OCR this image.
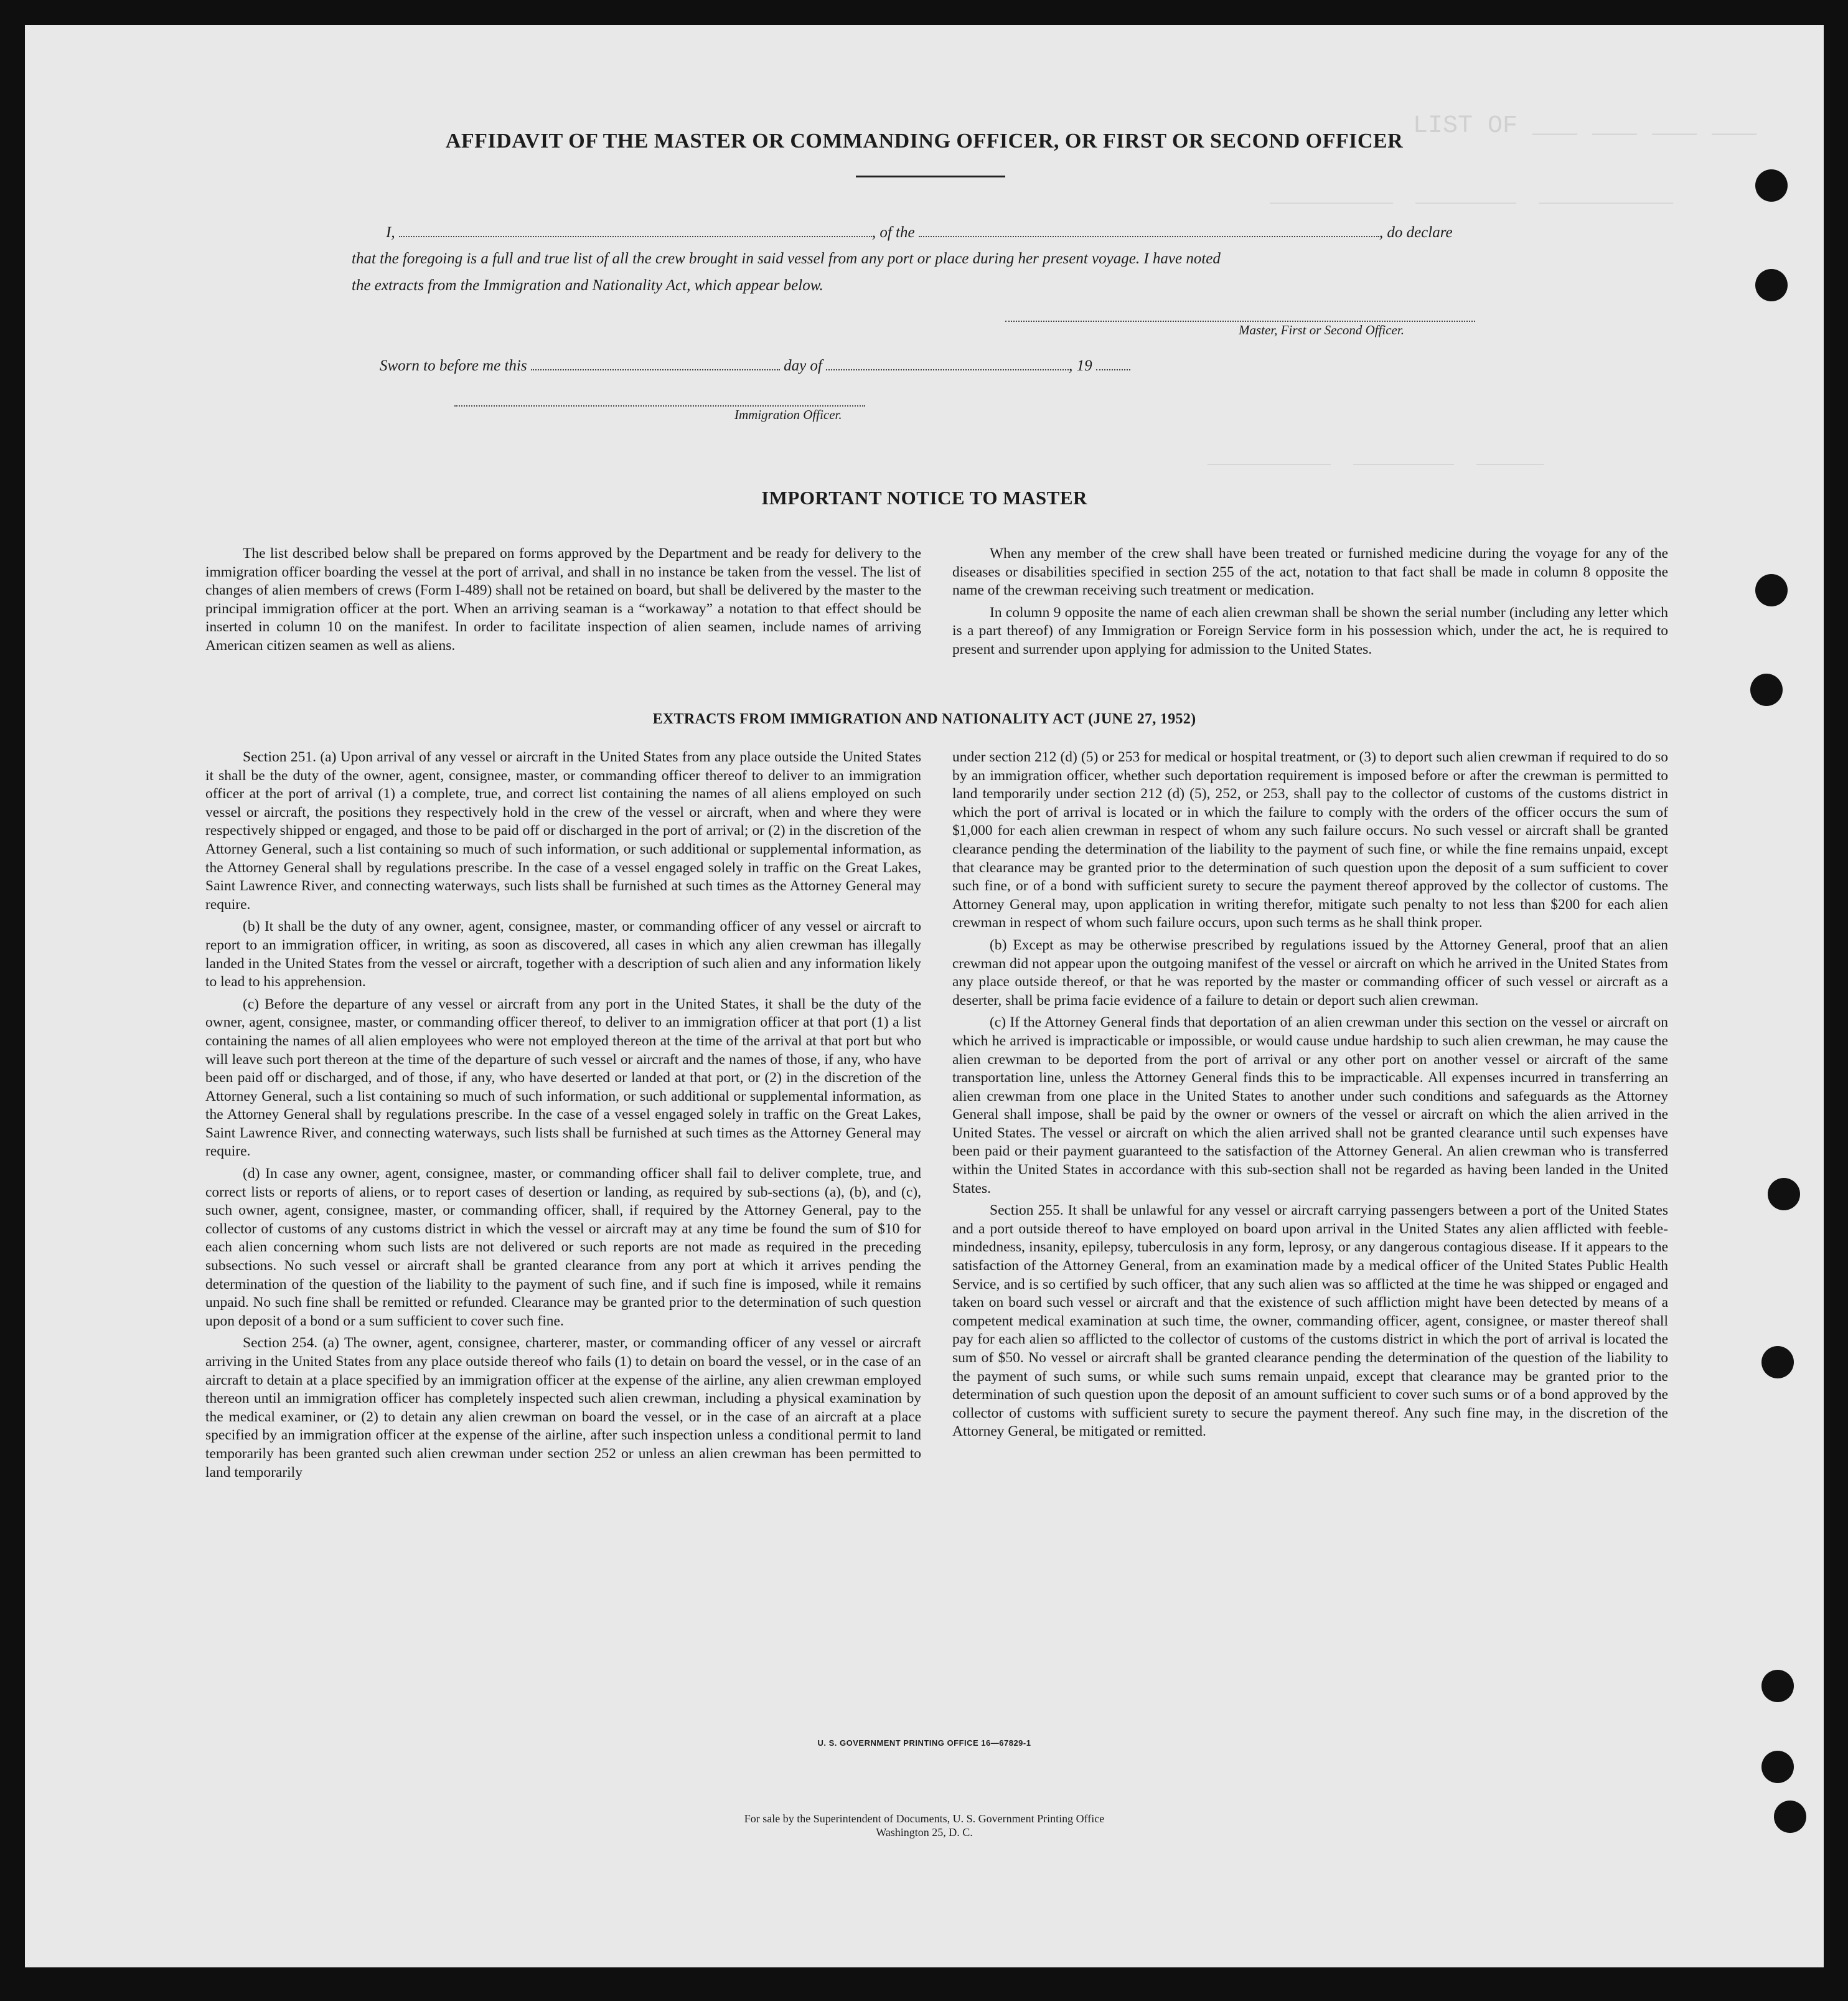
LIST OF ___ ___ ___ ___
___________  _________  ____________
___________  _________  ______
AFFIDAVIT OF THE MASTER OR COMMANDING OFFICER, OR FIRST OR SECOND OFFICER
I,	, of the	, do declare
that the foregoing is a full and true list of all the crew brought in said vessel from any port or place during her present voyage. I have noted
the extracts from the Immigration and Nationality Act, which appear below.
Master, First or Second Officer.
Sworn to before me this	day of	, 19
Immigration Officer.
IMPORTANT NOTICE TO MASTER

The list described below shall be prepared on forms approved by the Department and be ready for delivery to the immigration officer boarding the vessel at the port of arrival, and shall in no instance be taken from the vessel. The list of changes of alien members of crews (Form I-489) shall not be retained on board, but shall be delivered by the master to the principal immigration officer at the port. When an arriving seaman is a “workaway” a notation to that effect should be inserted in column 10 on the manifest. In order to facilitate inspection of alien seamen, include names of arriving American citizen seamen as well as aliens.

When any member of the crew shall have been treated or furnished medicine during the voyage for any of the diseases or disabilities specified in section 255 of the act, notation to that fact shall be made in column 8 opposite the name of the crewman receiving such treatment or medication.

In column 9 opposite the name of each alien crewman shall be shown the serial number (including any letter which is a part thereof) of any Immigration or Foreign Service form in his possession which, under the act, he is required to present and surrender upon applying for admission to the United States.

EXTRACTS FROM IMMIGRATION AND NATIONALITY ACT (JUNE 27, 1952)

Section 251. (a) Upon arrival of any vessel or aircraft in the United States from any place outside the United States it shall be the duty of the owner, agent, consignee, master, or commanding officer thereof to deliver to an immigration officer at the port of arrival (1) a complete, true, and correct list containing the names of all aliens employed on such vessel or aircraft, the positions they respectively hold in the crew of the vessel or aircraft, when and where they were respectively shipped or engaged, and those to be paid off or discharged in the port of arrival; or (2) in the discretion of the Attorney General, such a list containing so much of such information, or such additional or supplemental information, as the Attorney General shall by regulations prescribe. In the case of a vessel engaged solely in traffic on the Great Lakes, Saint Lawrence River, and connecting waterways, such lists shall be furnished at such times as the Attorney General may require.

(b) It shall be the duty of any owner, agent, consignee, master, or commanding officer of any vessel or aircraft to report to an immigration officer, in writing, as soon as discovered, all cases in which any alien crewman has illegally landed in the United States from the vessel or aircraft, together with a description of such alien and any information likely to lead to his apprehension.

(c) Before the departure of any vessel or aircraft from any port in the United States, it shall be the duty of the owner, agent, consignee, master, or commanding officer thereof, to deliver to an immigration officer at that port (1) a list containing the names of all alien employees who were not employed thereon at the time of the arrival at that port but who will leave such port thereon at the time of the departure of such vessel or aircraft and the names of those, if any, who have been paid off or discharged, and of those, if any, who have deserted or landed at that port, or (2) in the discretion of the Attorney General, such a list containing so much of such information, or such additional or supplemental information, as the Attorney General shall by regulations prescribe. In the case of a vessel engaged solely in traffic on the Great Lakes, Saint Lawrence River, and connecting waterways, such lists shall be furnished at such times as the Attorney General may require.

(d) In case any owner, agent, consignee, master, or commanding officer shall fail to deliver complete, true, and correct lists or reports of aliens, or to report cases of desertion or landing, as required by sub-sections (a), (b), and (c), such owner, agent, consignee, master, or commanding officer, shall, if required by the Attorney General, pay to the collector of customs of any customs district in which the vessel or aircraft may at any time be found the sum of $10 for each alien concerning whom such lists are not delivered or such reports are not made as required in the preceding subsections. No such vessel or aircraft shall be granted clearance from any port at which it arrives pending the determination of the question of the liability to the payment of such fine, and if such fine is imposed, while it remains unpaid. No such fine shall be remitted or refunded. Clearance may be granted prior to the determination of such question upon deposit of a bond or a sum sufficient to cover such fine.

Section 254. (a) The owner, agent, consignee, charterer, master, or commanding officer of any vessel or aircraft arriving in the United States from any place outside thereof who fails (1) to detain on board the vessel, or in the case of an aircraft to detain at a place specified by an immigration officer at the expense of the airline, any alien crewman employed thereon until an immigration officer has completely inspected such alien crewman, including a physical examination by the medical examiner, or (2) to detain any alien crewman on board the vessel, or in the case of an aircraft at a place specified by an immigration officer at the expense of the airline, after such inspection unless a conditional permit to land temporarily has been granted such alien crewman under section 252 or unless an alien crewman has been permitted to land temporarily

under section 212 (d) (5) or 253 for medical or hospital treatment, or (3) to deport such alien crewman if required to do so by an immigration officer, whether such deportation requirement is imposed before or after the crewman is permitted to land temporarily under section 212 (d) (5), 252, or 253, shall pay to the collector of customs of the customs district in which the port of arrival is located or in which the failure to comply with the orders of the officer occurs the sum of $1,000 for each alien crewman in respect of whom any such failure occurs. No such vessel or aircraft shall be granted clearance pending the determination of the liability to the payment of such fine, or while the fine remains unpaid, except that clearance may be granted prior to the determination of such question upon the deposit of a sum sufficient to cover such fine, or of a bond with sufficient surety to secure the payment thereof approved by the collector of customs. The Attorney General may, upon application in writing therefor, mitigate such penalty to not less than $200 for each alien crewman in respect of whom such failure occurs, upon such terms as he shall think proper.

(b) Except as may be otherwise prescribed by regulations issued by the Attorney General, proof that an alien crewman did not appear upon the outgoing manifest of the vessel or aircraft on which he arrived in the United States from any place outside thereof, or that he was reported by the master or commanding officer of such vessel or aircraft as a deserter, shall be prima facie evidence of a failure to detain or deport such alien crewman.

(c) If the Attorney General finds that deportation of an alien crewman under this section on the vessel or aircraft on which he arrived is impracticable or impossible, or would cause undue hardship to such alien crewman, he may cause the alien crewman to be deported from the port of arrival or any other port on another vessel or aircraft of the same transportation line, unless the Attorney General finds this to be impracticable. All expenses incurred in transferring an alien crewman from one place in the United States to another under such conditions and safeguards as the Attorney General shall impose, shall be paid by the owner or owners of the vessel or aircraft on which the alien arrived in the United States. The vessel or aircraft on which the alien arrived shall not be granted clearance until such expenses have been paid or their payment guaranteed to the satisfaction of the Attorney General. An alien crewman who is transferred within the United States in accordance with this sub-section shall not be regarded as having been landed in the United States.

Section 255. It shall be unlawful for any vessel or aircraft carrying passengers between a port of the United States and a port outside thereof to have employed on board upon arrival in the United States any alien afflicted with feeble-mindedness, insanity, epilepsy, tuberculosis in any form, leprosy, or any dangerous contagious disease. If it appears to the satisfaction of the Attorney General, from an examination made by a medical officer of the United States Public Health Service, and is so certified by such officer, that any such alien was so afflicted at the time he was shipped or engaged and taken on board such vessel or aircraft and that the existence of such affliction might have been detected by means of a competent medical examination at such time, the owner, commanding officer, agent, consignee, or master thereof shall pay for each alien so afflicted to the collector of customs of the customs district in which the port of arrival is located the sum of $50. No vessel or aircraft shall be granted clearance pending the determination of the question of the liability to the payment of such sums, or while such sums remain unpaid, except that clearance may be granted prior to the determination of such question upon the deposit of an amount sufficient to cover such sums or of a bond approved by the collector of customs with sufficient surety to secure the payment thereof. Any such fine may, in the discretion of the Attorney General, be mitigated or remitted.

U. S. GOVERNMENT PRINTING OFFICE 16—67829-1
For sale by the Superintendent of Documents, U. S. Government Printing Office
Washington 25, D. C.
